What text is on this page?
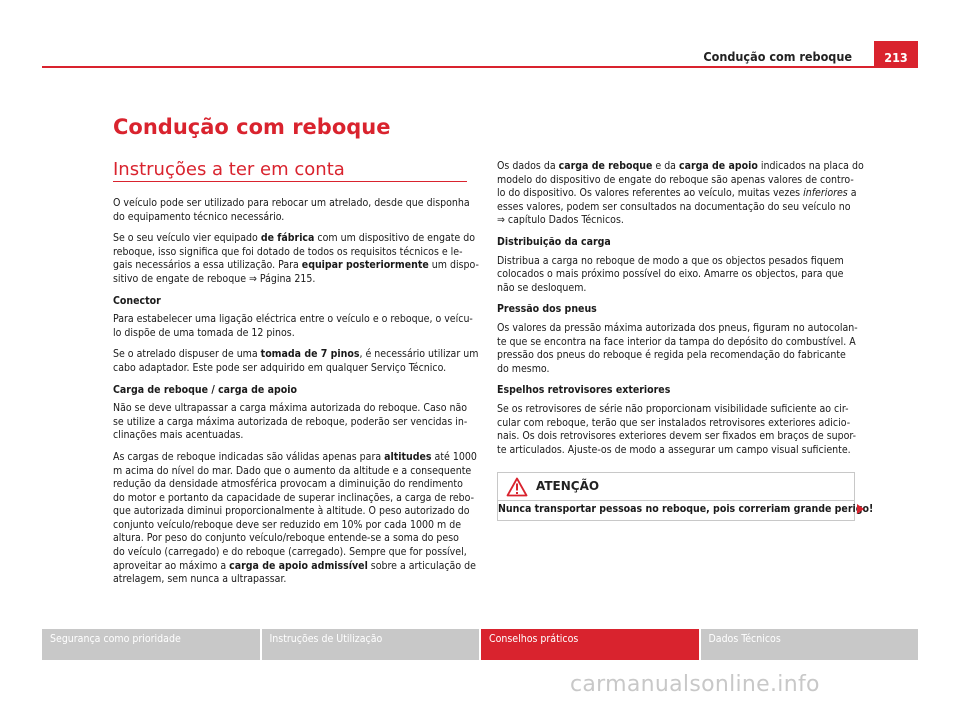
Condução com reboque	213
Condução com reboque
Instruções a ter em conta

O veículo pode ser utilizado para rebocar um atrelado, desde que disponha
do equipamento técnico necessário.

Se o seu veículo vier equipado de fábrica com um dispositivo de engate do
reboque, isso significa que foi dotado de todos os requisitos técnicos e le-
gais necessários a essa utilização. Para equipar posteriormente um dispo-
sitivo de engate de reboque ⇒ Página 215.

Conector

Para estabelecer uma ligação eléctrica entre o veículo e o reboque, o veícu-
lo dispõe de uma tomada de 12 pinos.

Se o atrelado dispuser de uma tomada de 7 pinos, é necessário utilizar um
cabo adaptador. Este pode ser adquirido em qualquer Serviço Técnico.

Carga de reboque / carga de apoio

Não se deve ultrapassar a carga máxima autorizada do reboque. Caso não
se utilize a carga máxima autorizada de reboque, poderão ser vencidas in-
clinações mais acentuadas.

As cargas de reboque indicadas são válidas apenas para altitudes até 1000
m acima do nível do mar. Dado que o aumento da altitude e a consequente
redução da densidade atmosférica provocam a diminuição do rendimento
do motor e portanto da capacidade de superar inclinações, a carga de rebo-
que autorizada diminui proporcionalmente à altitude. O peso autorizado do
conjunto veículo/reboque deve ser reduzido em 10% por cada 1000 m de
altura. Por peso do conjunto veículo/reboque entende-se a soma do peso
do veículo (carregado) e do reboque (carregado). Sempre que for possível,
aproveitar ao máximo a carga de apoio admissível sobre a articulação de
atrelagem, sem nunca a ultrapassar.

Os dados da carga de reboque e da carga de apoio indicados na placa do
modelo do dispositivo de engate do reboque são apenas valores de contro-
lo do dispositivo. Os valores referentes ao veículo, muitas vezes inferiores a
esses valores, podem ser consultados na documentação do seu veículo no
⇒ capítulo Dados Técnicos.

Distribuição da carga

Distribua a carga no reboque de modo a que os objectos pesados fiquem
colocados o mais próximo possível do eixo. Amarre os objectos, para que
não se desloquem.

Pressão dos pneus

Os valores da pressão máxima autorizada dos pneus, figuram no autocolan-
te que se encontra na face interior da tampa do depósito do combustível. A
pressão dos pneus do reboque é regida pela recomendação do fabricante
do mesmo.

Espelhos retrovisores exteriores

Se os retrovisores de série não proporcionam visibilidade suficiente ao cir-
cular com reboque, terão que ser instalados retrovisores exteriores adicio-
nais. Os dois retrovisores exteriores devem ser fixados em braços de supor-
te articulados. Ajuste-os de modo a assegurar um campo visual suficiente.

ATENÇÃO
Nunca transportar pessoas no reboque, pois correriam grande perigo!
Segurança como prioridade	Instruções de Utilização	Conselhos práticos	Dados Técnicos
carmanualsonline.info
